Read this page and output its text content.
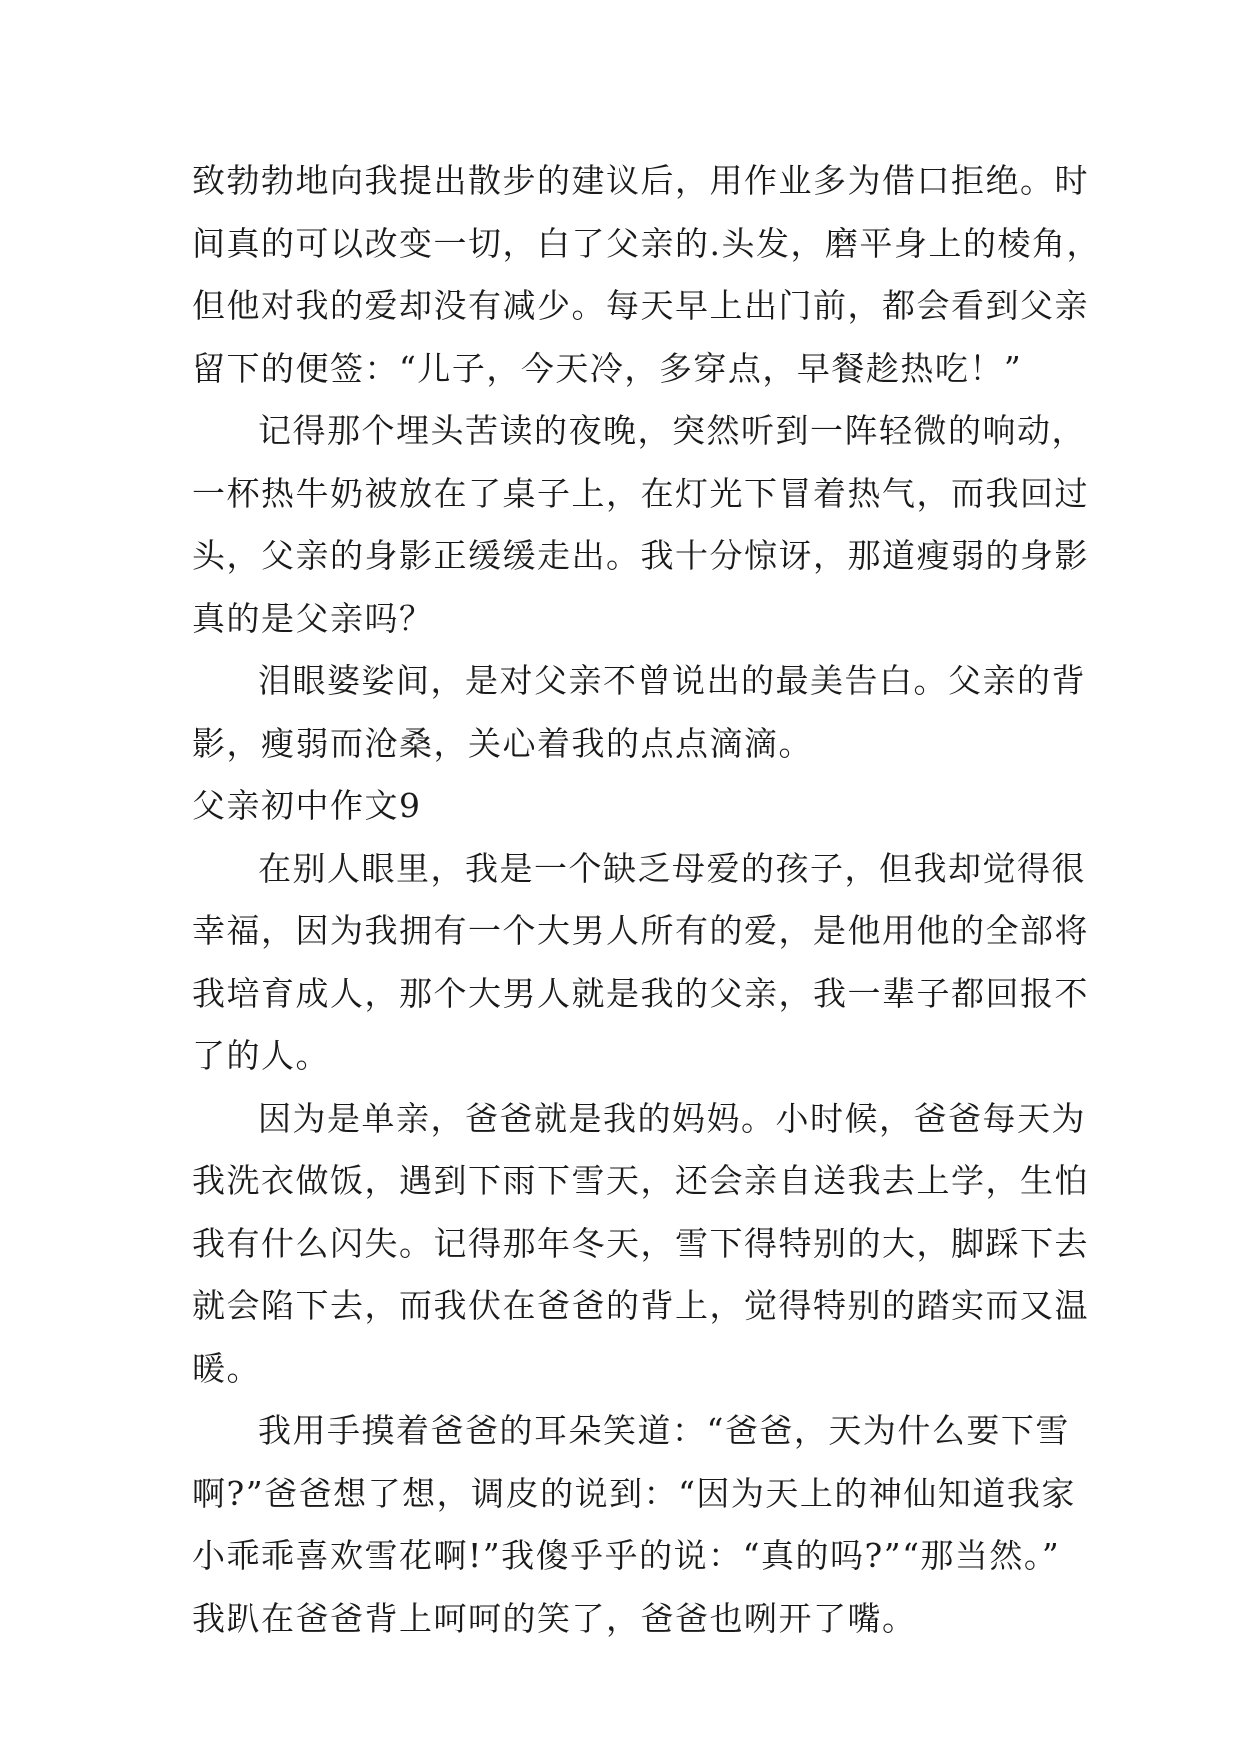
致勃勃地向我提出散步的建议后，用作业多为借口拒绝。时
间真的可以改变一切，白了父亲的.头发，磨平身上的棱角，
但他对我的爱却没有减少。每天早上出门前，都会看到父亲
留下的便签：“儿子，今天冷，多穿点，早餐趁热吃！”
记得那个埋头苦读的夜晚，突然听到一阵轻微的响动，
一杯热牛奶被放在了桌子上，在灯光下冒着热气，而我回过
头，父亲的身影正缓缓走出。我十分惊讶，那道瘦弱的身影
真的是父亲吗？
泪眼婆娑间，是对父亲不曾说出的最美告白。父亲的背
影，瘦弱而沧桑，关心着我的点点滴滴。
父亲初中作文9
在别人眼里，我是一个缺乏母爱的孩子，但我却觉得很
幸福，因为我拥有一个大男人所有的爱，是他用他的全部将
我培育成人，那个大男人就是我的父亲，我一辈子都回报不
了的人。
因为是单亲，爸爸就是我的妈妈。小时候，爸爸每天为
我洗衣做饭，遇到下雨下雪天，还会亲自送我去上学，生怕
我有什么闪失。记得那年冬天，雪下得特别的大，脚踩下去
就会陷下去，而我伏在爸爸的背上，觉得特别的踏实而又温
暖。
我用手摸着爸爸的耳朵笑道：“爸爸，天为什么要下雪
啊?”爸爸想了想，调皮的说到：“因为天上的神仙知道我家
小乖乖喜欢雪花啊!”我傻乎乎的说：“真的吗?”“那当然。”
我趴在爸爸背上呵呵的笑了，爸爸也咧开了嘴。
